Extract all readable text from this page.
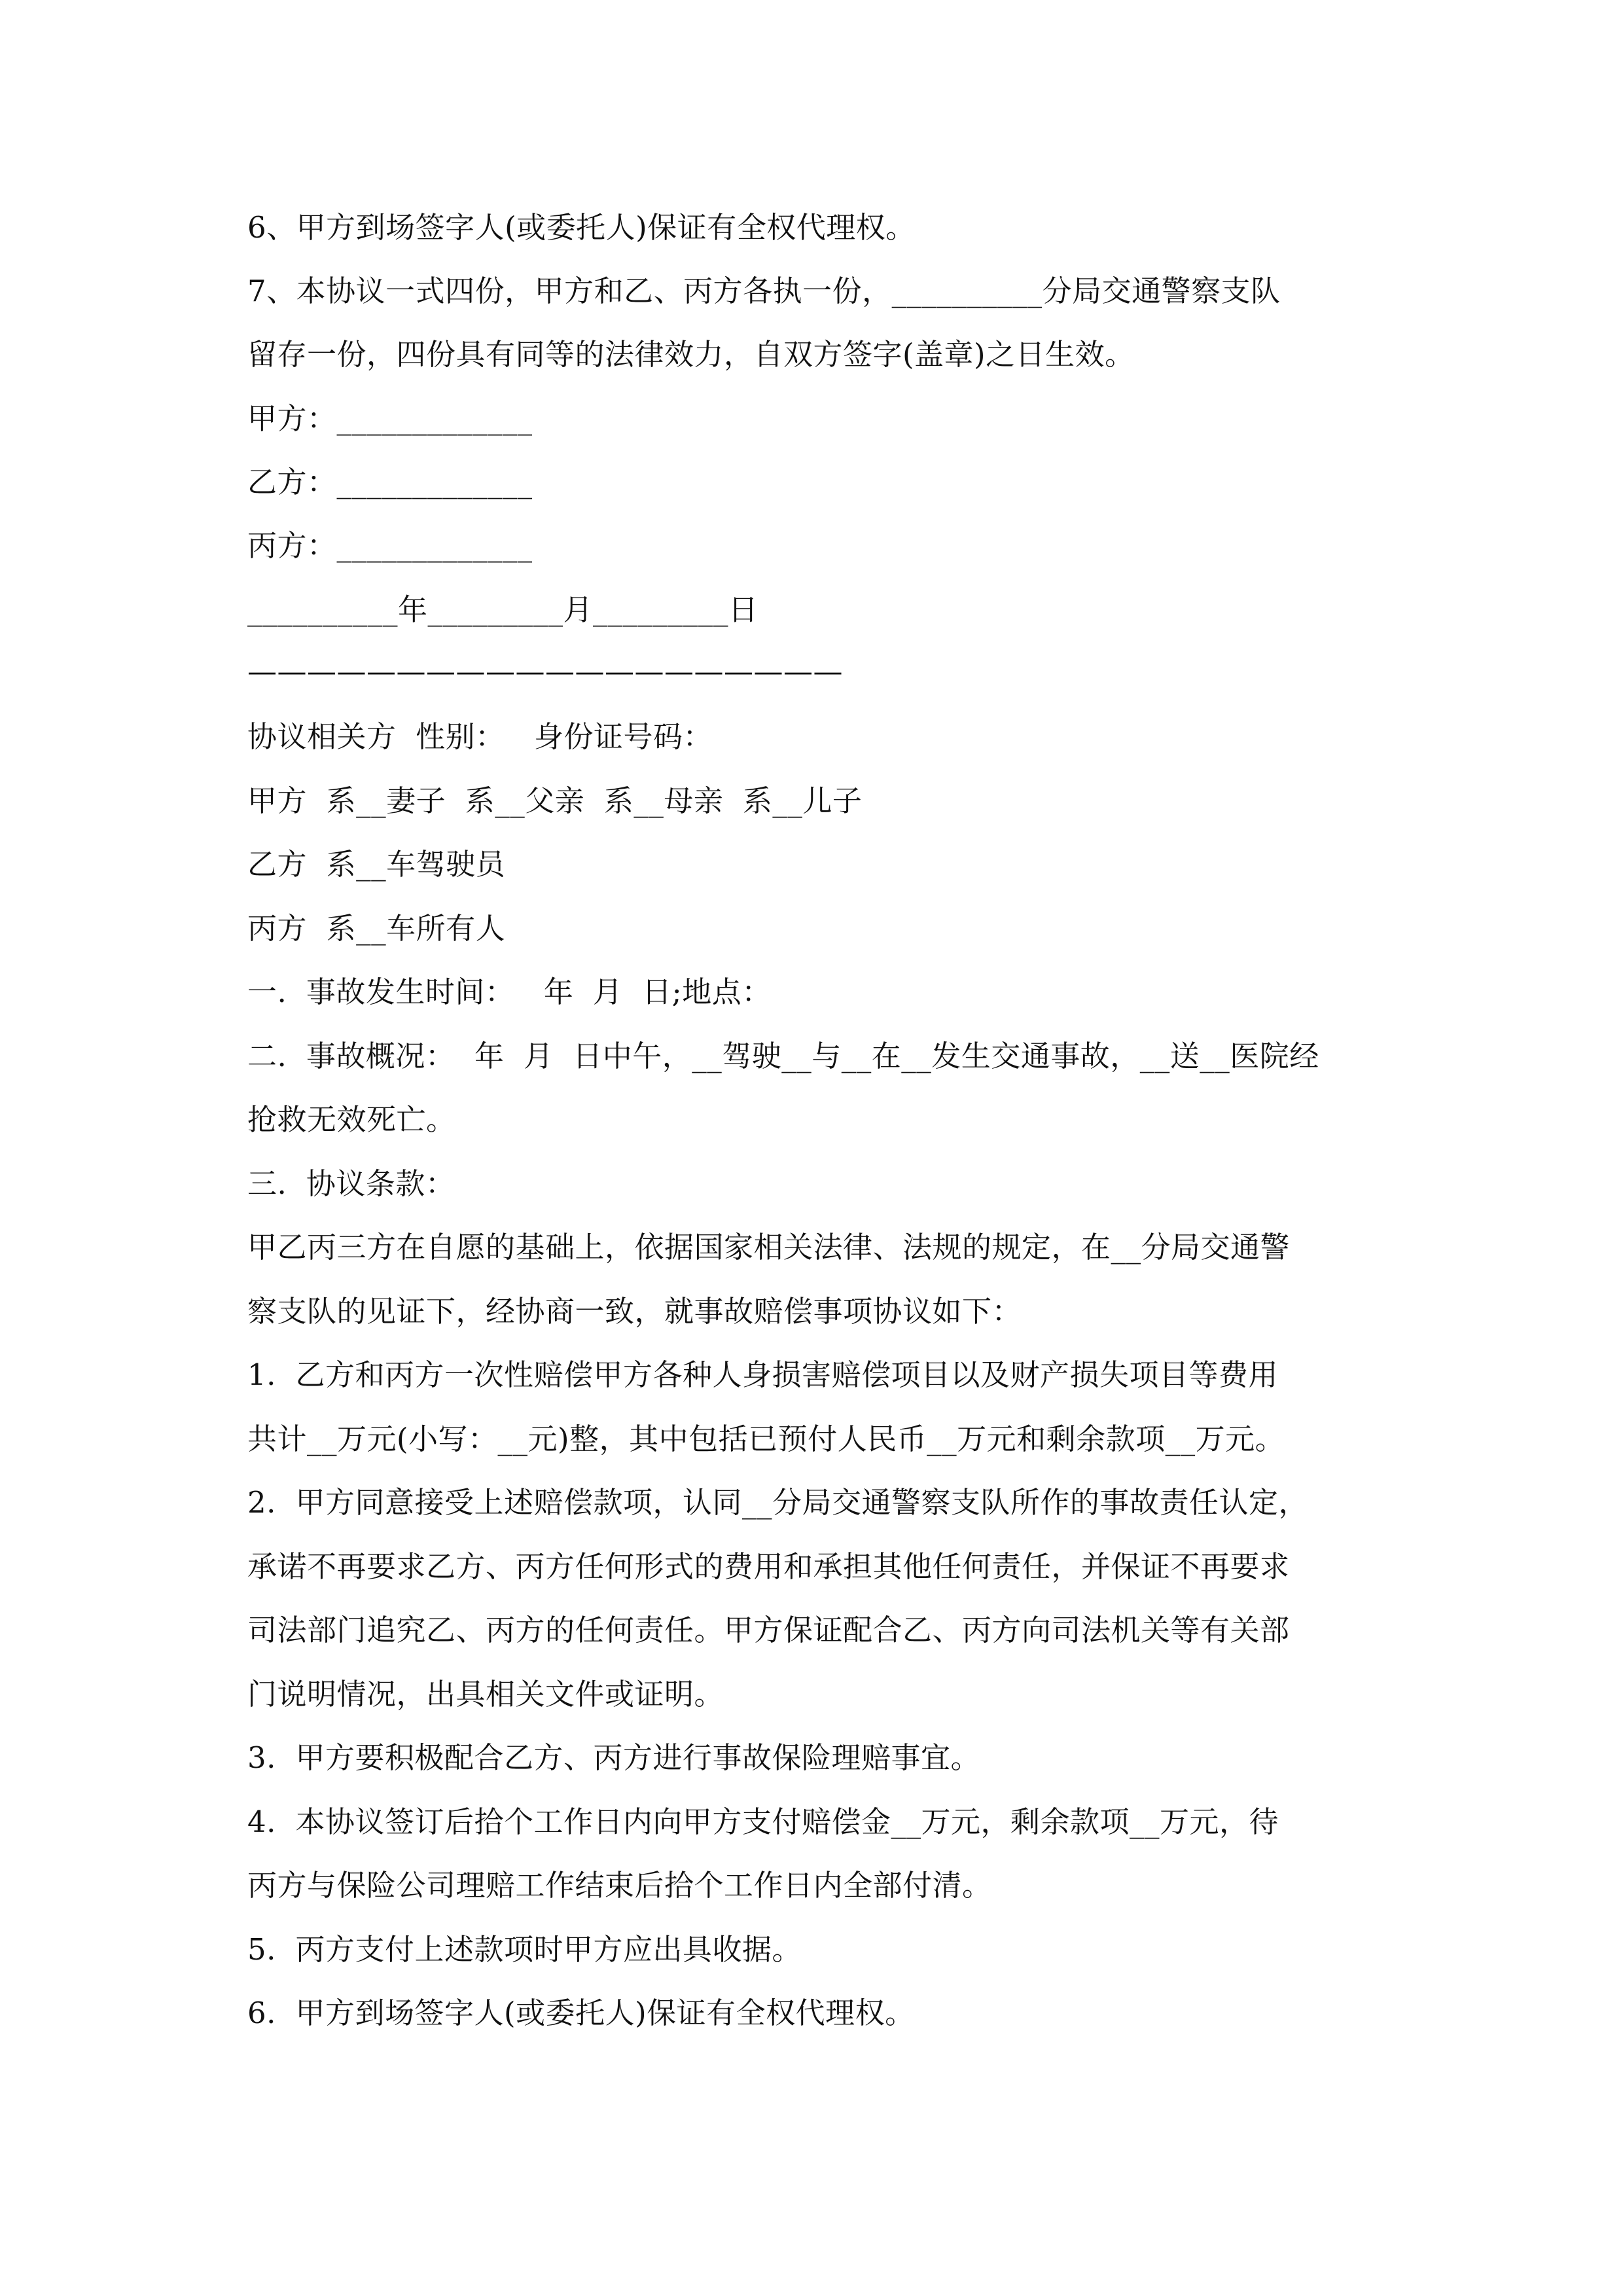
6、甲方到场签字人(或委托人)保证有全权代理权。
7、本协议一式四份，甲方和乙、丙方各执一份，__________分局交通警察支队
留存一份，四份具有同等的法律效力，自双方签字(盖章)之日生效。
甲方：_____________
乙方：_____________
丙方：_____________
__________年_________月_________日
————————————————————
协议相关方  性别：   身份证号码：
甲方  系__妻子  系__父亲  系__母亲  系__儿子
乙方  系__车驾驶员
丙方  系__车所有人
一.  事故发生时间：   年  月  日;地点：
二.  事故概况：  年  月  日中午，__驾驶__与__在__发生交通事故，__送__医院经
抢救无效死亡。
三.  协议条款：
甲乙丙三方在自愿的基础上，依据国家相关法律、法规的规定，在__分局交通警
察支队的见证下，经协商一致，就事故赔偿事项协议如下：
1.  乙方和丙方一次性赔偿甲方各种人身损害赔偿项目以及财产损失项目等费用
共计__万元(小写：__元)整，其中包括已预付人民币__万元和剩余款项__万元。
2.  甲方同意接受上述赔偿款项，认同__分局交通警察支队所作的事故责任认定，
承诺不再要求乙方、丙方任何形式的费用和承担其他任何责任，并保证不再要求
司法部门追究乙、丙方的任何责任。甲方保证配合乙、丙方向司法机关等有关部
门说明情况，出具相关文件或证明。
3.  甲方要积极配合乙方、丙方进行事故保险理赔事宜。
4.  本协议签订后拾个工作日内向甲方支付赔偿金__万元，剩余款项__万元，待
丙方与保险公司理赔工作结束后拾个工作日内全部付清。
5.  丙方支付上述款项时甲方应出具收据。
6.  甲方到场签字人(或委托人)保证有全权代理权。
